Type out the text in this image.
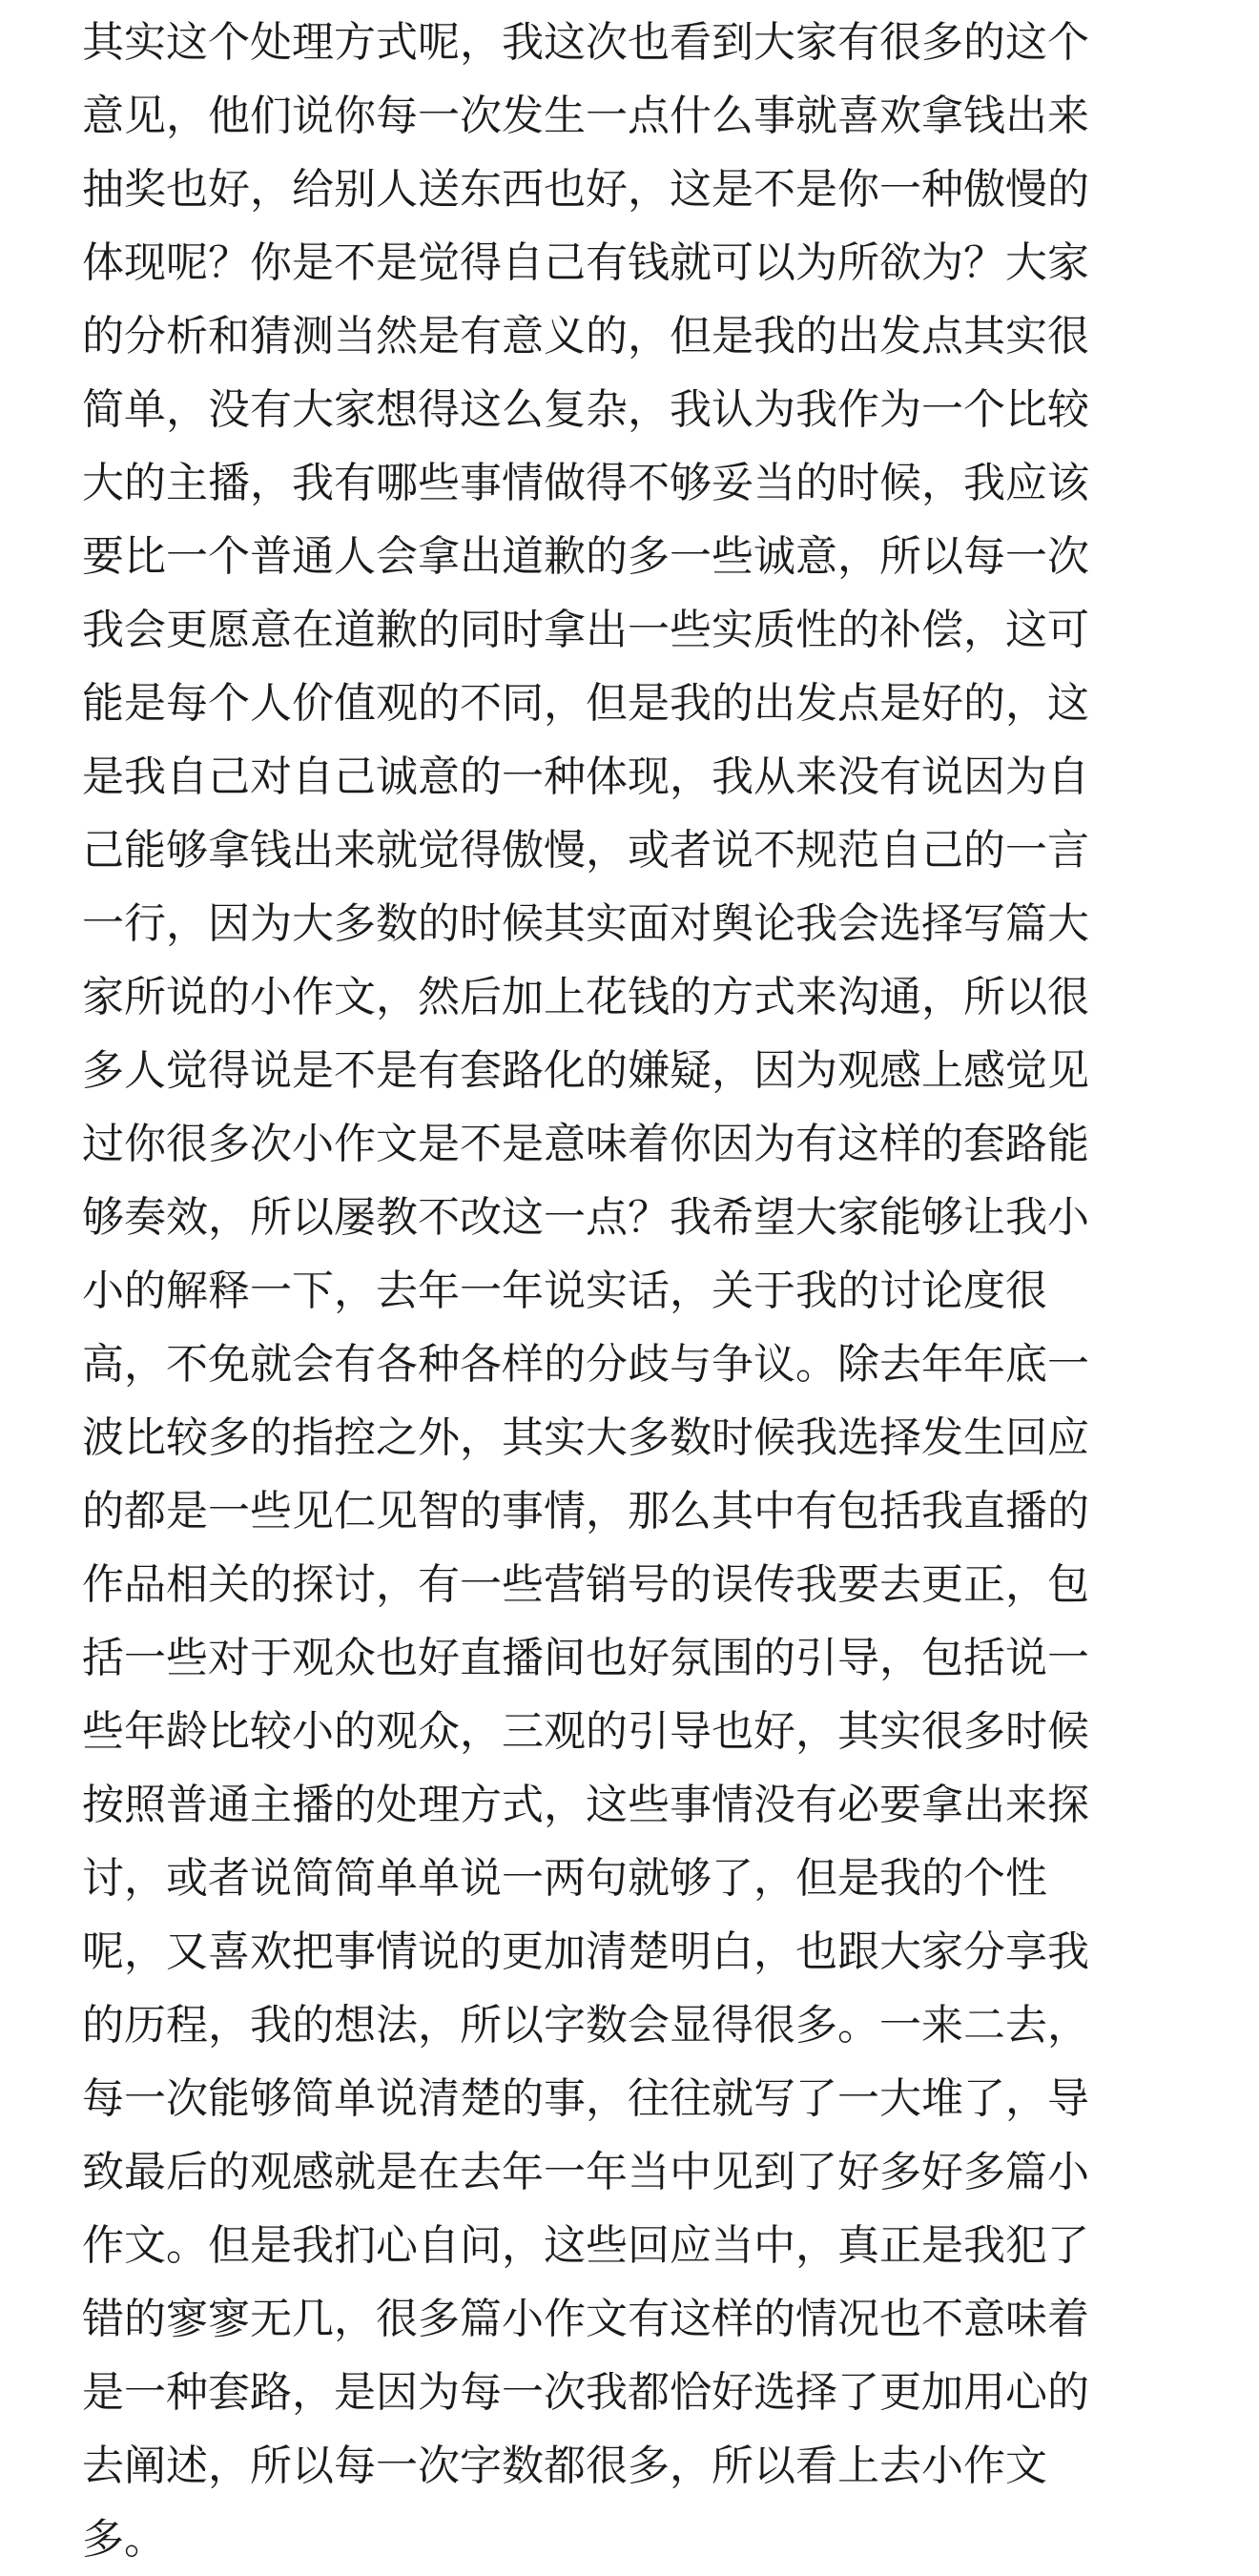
其实这个处理方式呢，我这次也看到大家有很多的这个
意见，他们说你每一次发生一点什么事就喜欢拿钱出来
抽奖也好，给别人送东西也好，这是不是你一种傲慢的
体现呢？你是不是觉得自己有钱就可以为所欲为？大家
的分析和猜测当然是有意义的，但是我的出发点其实很
简单，没有大家想得这么复杂，我认为我作为一个比较
大的主播，我有哪些事情做得不够妥当的时候，我应该
要比一个普通人会拿出道歉的多一些诚意，所以每一次
我会更愿意在道歉的同时拿出一些实质性的补偿，这可
能是每个人价值观的不同，但是我的出发点是好的，这
是我自己对自己诚意的一种体现，我从来没有说因为自
己能够拿钱出来就觉得傲慢，或者说不规范自己的一言
一行，因为大多数的时候其实面对舆论我会选择写篇大
家所说的小作文，然后加上花钱的方式来沟通，所以很
多人觉得说是不是有套路化的嫌疑，因为观感上感觉见
过你很多次小作文是不是意味着你因为有这样的套路能
够奏效，所以屡教不改这一点？我希望大家能够让我小
小的解释一下，去年一年说实话，关于我的讨论度很
高，不免就会有各种各样的分歧与争议。除去年年底一
波比较多的指控之外，其实大多数时候我选择发生回应
的都是一些见仁见智的事情，那么其中有包括我直播的
作品相关的探讨，有一些营销号的误传我要去更正，包
括一些对于观众也好直播间也好氛围的引导，包括说一
些年龄比较小的观众，三观的引导也好，其实很多时候
按照普通主播的处理方式，这些事情没有必要拿出来探
讨，或者说简简单单说一两句就够了，但是我的个性
呢，又喜欢把事情说的更加清楚明白，也跟大家分享我
的历程，我的想法，所以字数会显得很多。一来二去，
每一次能够简单说清楚的事，往往就写了一大堆了，导
致最后的观感就是在去年一年当中见到了好多好多篇小
作文。但是我扪心自问，这些回应当中，真正是我犯了
错的寥寥无几，很多篇小作文有这样的情况也不意味着
是一种套路，是因为每一次我都恰好选择了更加用心的
去阐述，所以每一次字数都很多，所以看上去小作文
多。
